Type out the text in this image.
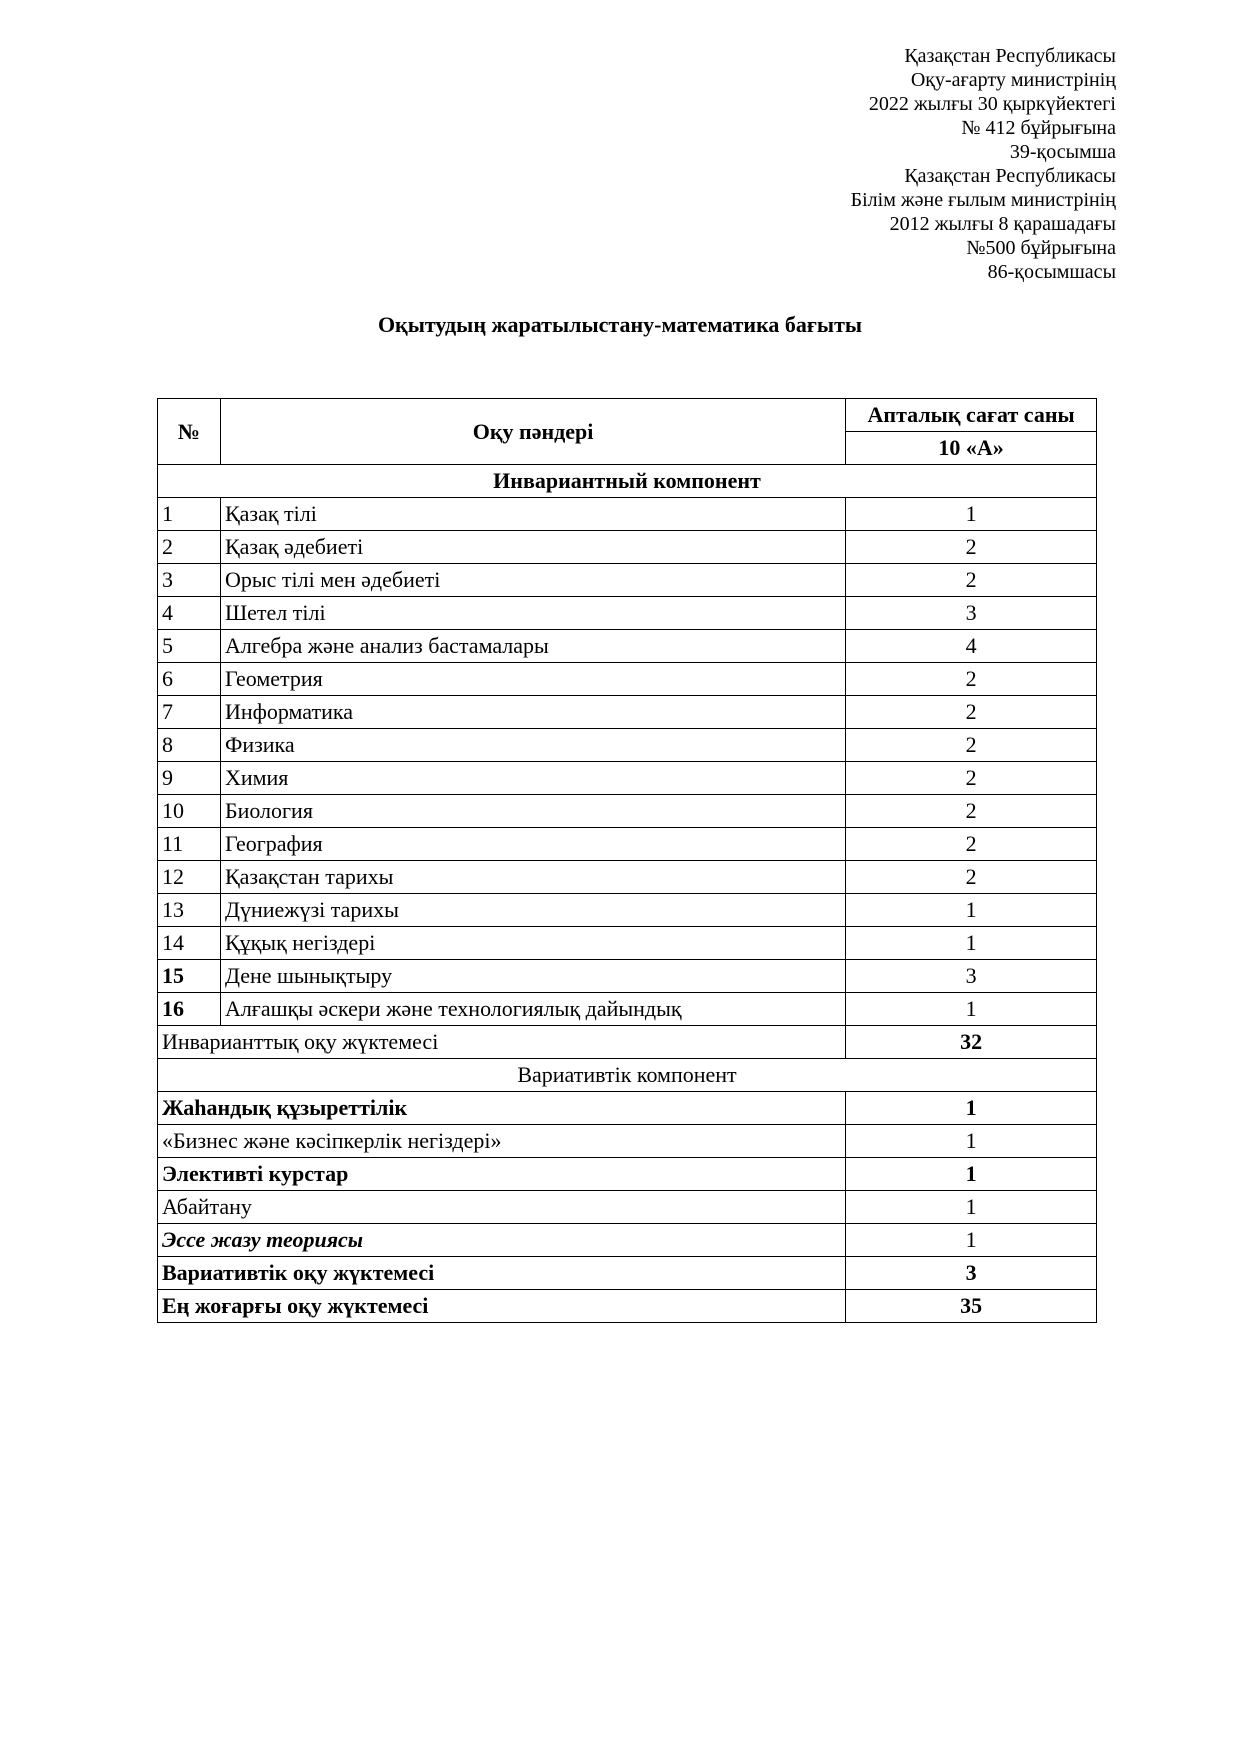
Қазақстан Республикасы
Оқу-ағарту министрінің
2022 жылғы 30 қыркүйектегі
№ 412 бұйрығына
39-қосымша
Қазақстан Республикасы
Білім және ғылым министрінің
2012 жылғы 8 қарашадағы
№500 бұйрығына
86-қосымшасы
Оқытудың жаратылыстану-математика бағыты
№	Оқу пәндері	Апталық сағат саны
		10 «А»
Инвариантный компонент		
1	Қазақ тілі	1
2	Қазақ әдебиеті	2
3	Орыс тілі мен әдебиеті	2
4	Шетел тілі	3
5	Алгебра және анализ бастамалары	4
6	Геометрия	2
7	Информатика	2
8	Физика	2
9	Химия	2
10	Биология	2
11	География	2
12	Қазақстан тарихы	2
13	Дүниежүзі тарихы	1
14	Құқық негіздері	1
15	Дене шынықтыру	3
16	Алғашқы әскери және технологиялық дайындық	1
Инварианттық оқу жүктемесі		32
Вариативтік компонент		
Жаһандық құзыреттілік		1
«Бизнес және кәсіпкерлік негіздері»		1
Элективті курстар		1
Абайтану		1
Эссе жазу теориясы		1
Вариативтік оқу жүктемесі		3
Ең жоғарғы оқу жүктемесі		35
